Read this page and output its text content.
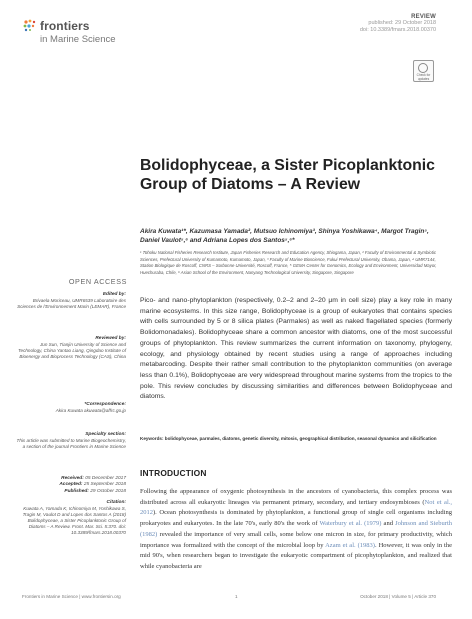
frontiers
in Marine Science
REVIEW
published: 29 October 2018
doi: 10.3389/fmars.2018.00370
Check for updates
Bolidophyceae, a Sister Picoplanktonic Group of Diatoms – A Review
Akira Kuwata¹*, Kazumasa Yamada², Mutsuo Ichinomiya³, Shinya Yoshikawa⁴, Margot Tragin⁵, Daniel Vaulot⁵,⁶ and Adriana Lopes dos Santos⁵,⁶*
¹ Tohoku National Fisheries Research Institute, Japan Fisheries Research and Education Agency, Shiogama, Japan, ² Faculty of Environmental & Symbiotic Sciences, Prefectural University of Kumamoto, Kumamoto, Japan, ³ Faculty of Marine Bioscience, Fukui Prefectural University, Obama, Japan, ⁴ UMR7144, Station Biologique de Roscoff, CNRS – Sorbonne Université, Roscoff, France, ⁵ GEMA Center for Genomics, Ecology and Environment, Universidad Mayor, Huechuraba, Chile, ⁶ Asian School of the Environment, Nanyang Technological University, Singapore, Singapore
OPEN ACCESS
Edited by:
Brivaela Moriceau, UMR6539 Laboratoire des Sciences de l'Environnement Marin (LEMAR), France
Reviewed by:
Jun Sun, Tianjin University of Science and Technology, China Yantao Liang, Qingdao Institute of Bioenergy and Bioprocess Technology (CAS), China
*Correspondence:
Akira Kuwata akuwata@affrc.go.jp
Specialty section:
This article was submitted to Marine Biogeochemistry, a section of the journal Frontiers in Marine Science
Received: 05 December 2017
Accepted: 25 September 2018
Published: 29 October 2018
Citation:
Kuwata A, Yamada K, Ichinomiya M, Yoshikawa S, Tragin M, Vaulot D and Lopes dos Santos A (2018) Bolidophyceae, a Sister Picoplanktonic Group of Diatoms – A Review. Front. Mar. Sci. 5:370. doi: 10.3389/fmars.2018.00370
Pico- and nano-phytoplankton (respectively, 0.2–2 and 2–20 μm in cell size) play a key role in many marine ecosystems. In this size range, Bolidophyceae is a group of eukaryotes that contains species with cells surrounded by 5 or 8 silica plates (Parmales) as well as naked flagellated species (formerly Bolidomonadales). Bolidophyceae share a common ancestor with diatoms, one of the most successful groups of phytoplankton. This review summarizes the current information on taxonomy, phylogeny, ecology, and physiology obtained by recent studies using a range of approaches including metabarcoding. Despite their rather small contribution to the phytoplankton communities (on average less than 0.1%), Bolidophyceae are very widespread throughout marine systems from the tropics to the pole. This review concludes by discussing similarities and differences between Bolidophyceae and diatoms.
Keywords: bolidophyceae, parmales, diatoms, genetic diversity, mitosis, geographical distribution, seasonal dynamics and silicification
INTRODUCTION
Following the appearance of oxygenic photosynthesis in the ancestors of cyanobacteria, this complex process was distributed across all eukaryotic lineages via permanent primary, secondary, and tertiary endosymbioses (Not et al., 2012). Ocean photosynthesis is dominated by phytoplankton, a functional group of single cell organisms including prokaryotes and eukaryotes. In the late 70's, early 80's the work of Waterbury et al. (1979) and Johnson and Sieburth (1982) revealed the importance of very small cells, some below one micron in size, for primary productivity, which importance was formalized with the concept of the microbial loop by Azam et al. (1983). However, it was only in the mid 90's, when researchers began to investigate the eukaryotic compartment of picophytoplankton, and realized that while cyanobacteria are
Frontiers in Marine Science | www.frontiersin.org	1	October 2018 | Volume 5 | Article 370
